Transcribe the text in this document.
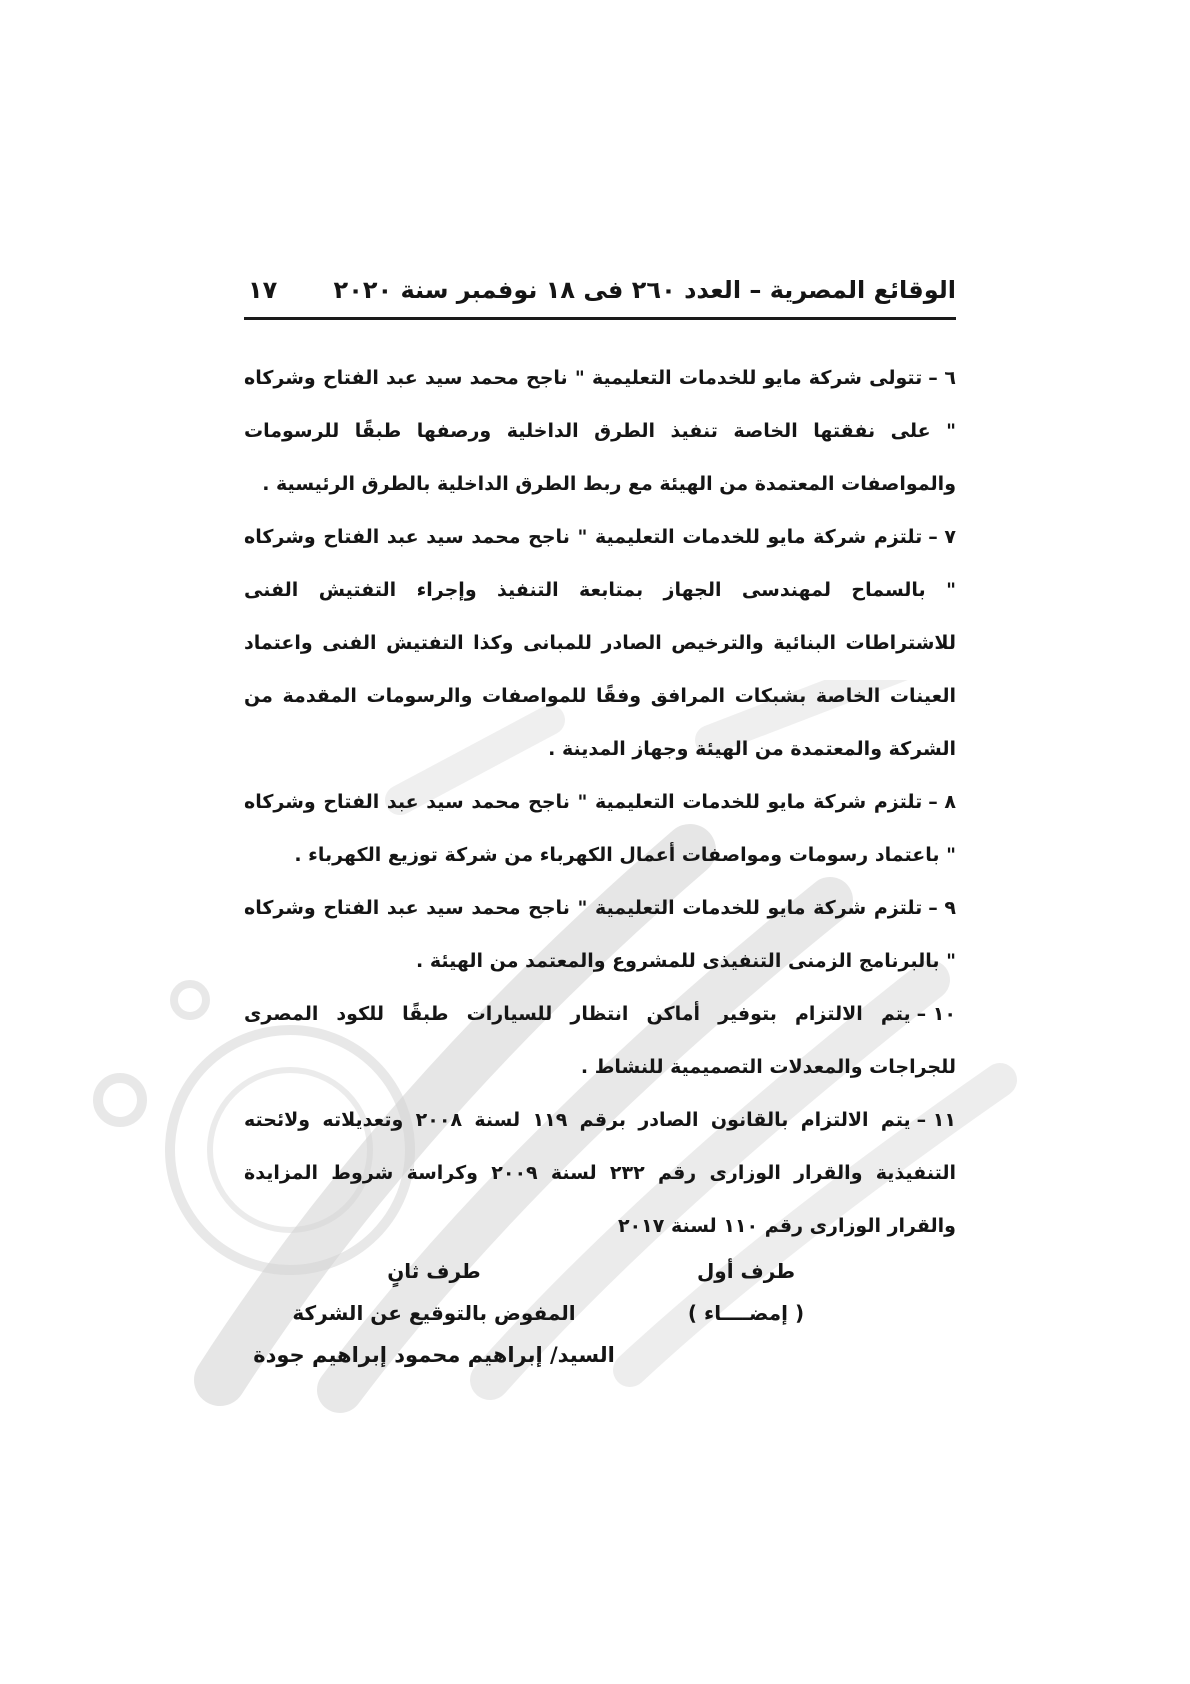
الوقائع المصرية – العدد ٢٦٠ فى ١٨ نوفمبر سنة ٢٠٢٠
١٧

٦ –تتولى شركة مايو للخدمات التعليمية " ناجح محمد سيد عبد الفتاح وشركاه " على نفقتها الخاصة تنفيذ الطرق الداخلية ورصفها طبقًا للرسومات والمواصفات المعتمدة من الهيئة مع ربط الطرق الداخلية بالطرق الرئيسية .

٧ –تلتزم شركة مايو للخدمات التعليمية " ناجح محمد سيد عبد الفتاح وشركاه " بالسماح لمهندسى الجهاز بمتابعة التنفيذ وإجراء التفتيش الفنى للاشتراطات البنائية والترخيص الصادر للمبانى وكذا التفتيش الفنى واعتماد العينات الخاصة بشبكات المرافق وفقًا للمواصفات والرسومات المقدمة من الشركة والمعتمدة من الهيئة وجهاز المدينة .

٨ –تلتزم شركة مايو للخدمات التعليمية " ناجح محمد سيد عبد الفتاح وشركاه " باعتماد رسومات ومواصفات أعمال الكهرباء من شركة توزيع الكهرباء .

٩ –تلتزم شركة مايو للخدمات التعليمية " ناجح محمد سيد عبد الفتاح وشركاه " بالبرنامج الزمنى التنفيذى للمشروع والمعتمد من الهيئة .

١٠ –يتم الالتزام بتوفير أماكن انتظار للسيارات طبقًا للكود المصرى للجراجات والمعدلات التصميمية للنشاط .

١١ –يتم الالتزام بالقانون الصادر برقم ١١٩ لسنة ٢٠٠٨ وتعديلاته ولائحته التنفيذية والقرار الوزارى رقم ٢٣٢ لسنة ٢٠٠٩ وكراسة شروط المزايدة والقرار الوزارى رقم ١١٠ لسنة ٢٠١٧

طرف أول
( إمضــــاء )
طرف ثانٍ
المفوض بالتوقيع عن الشركة
السيد/ إبراهيم محمود إبراهيم جودة
